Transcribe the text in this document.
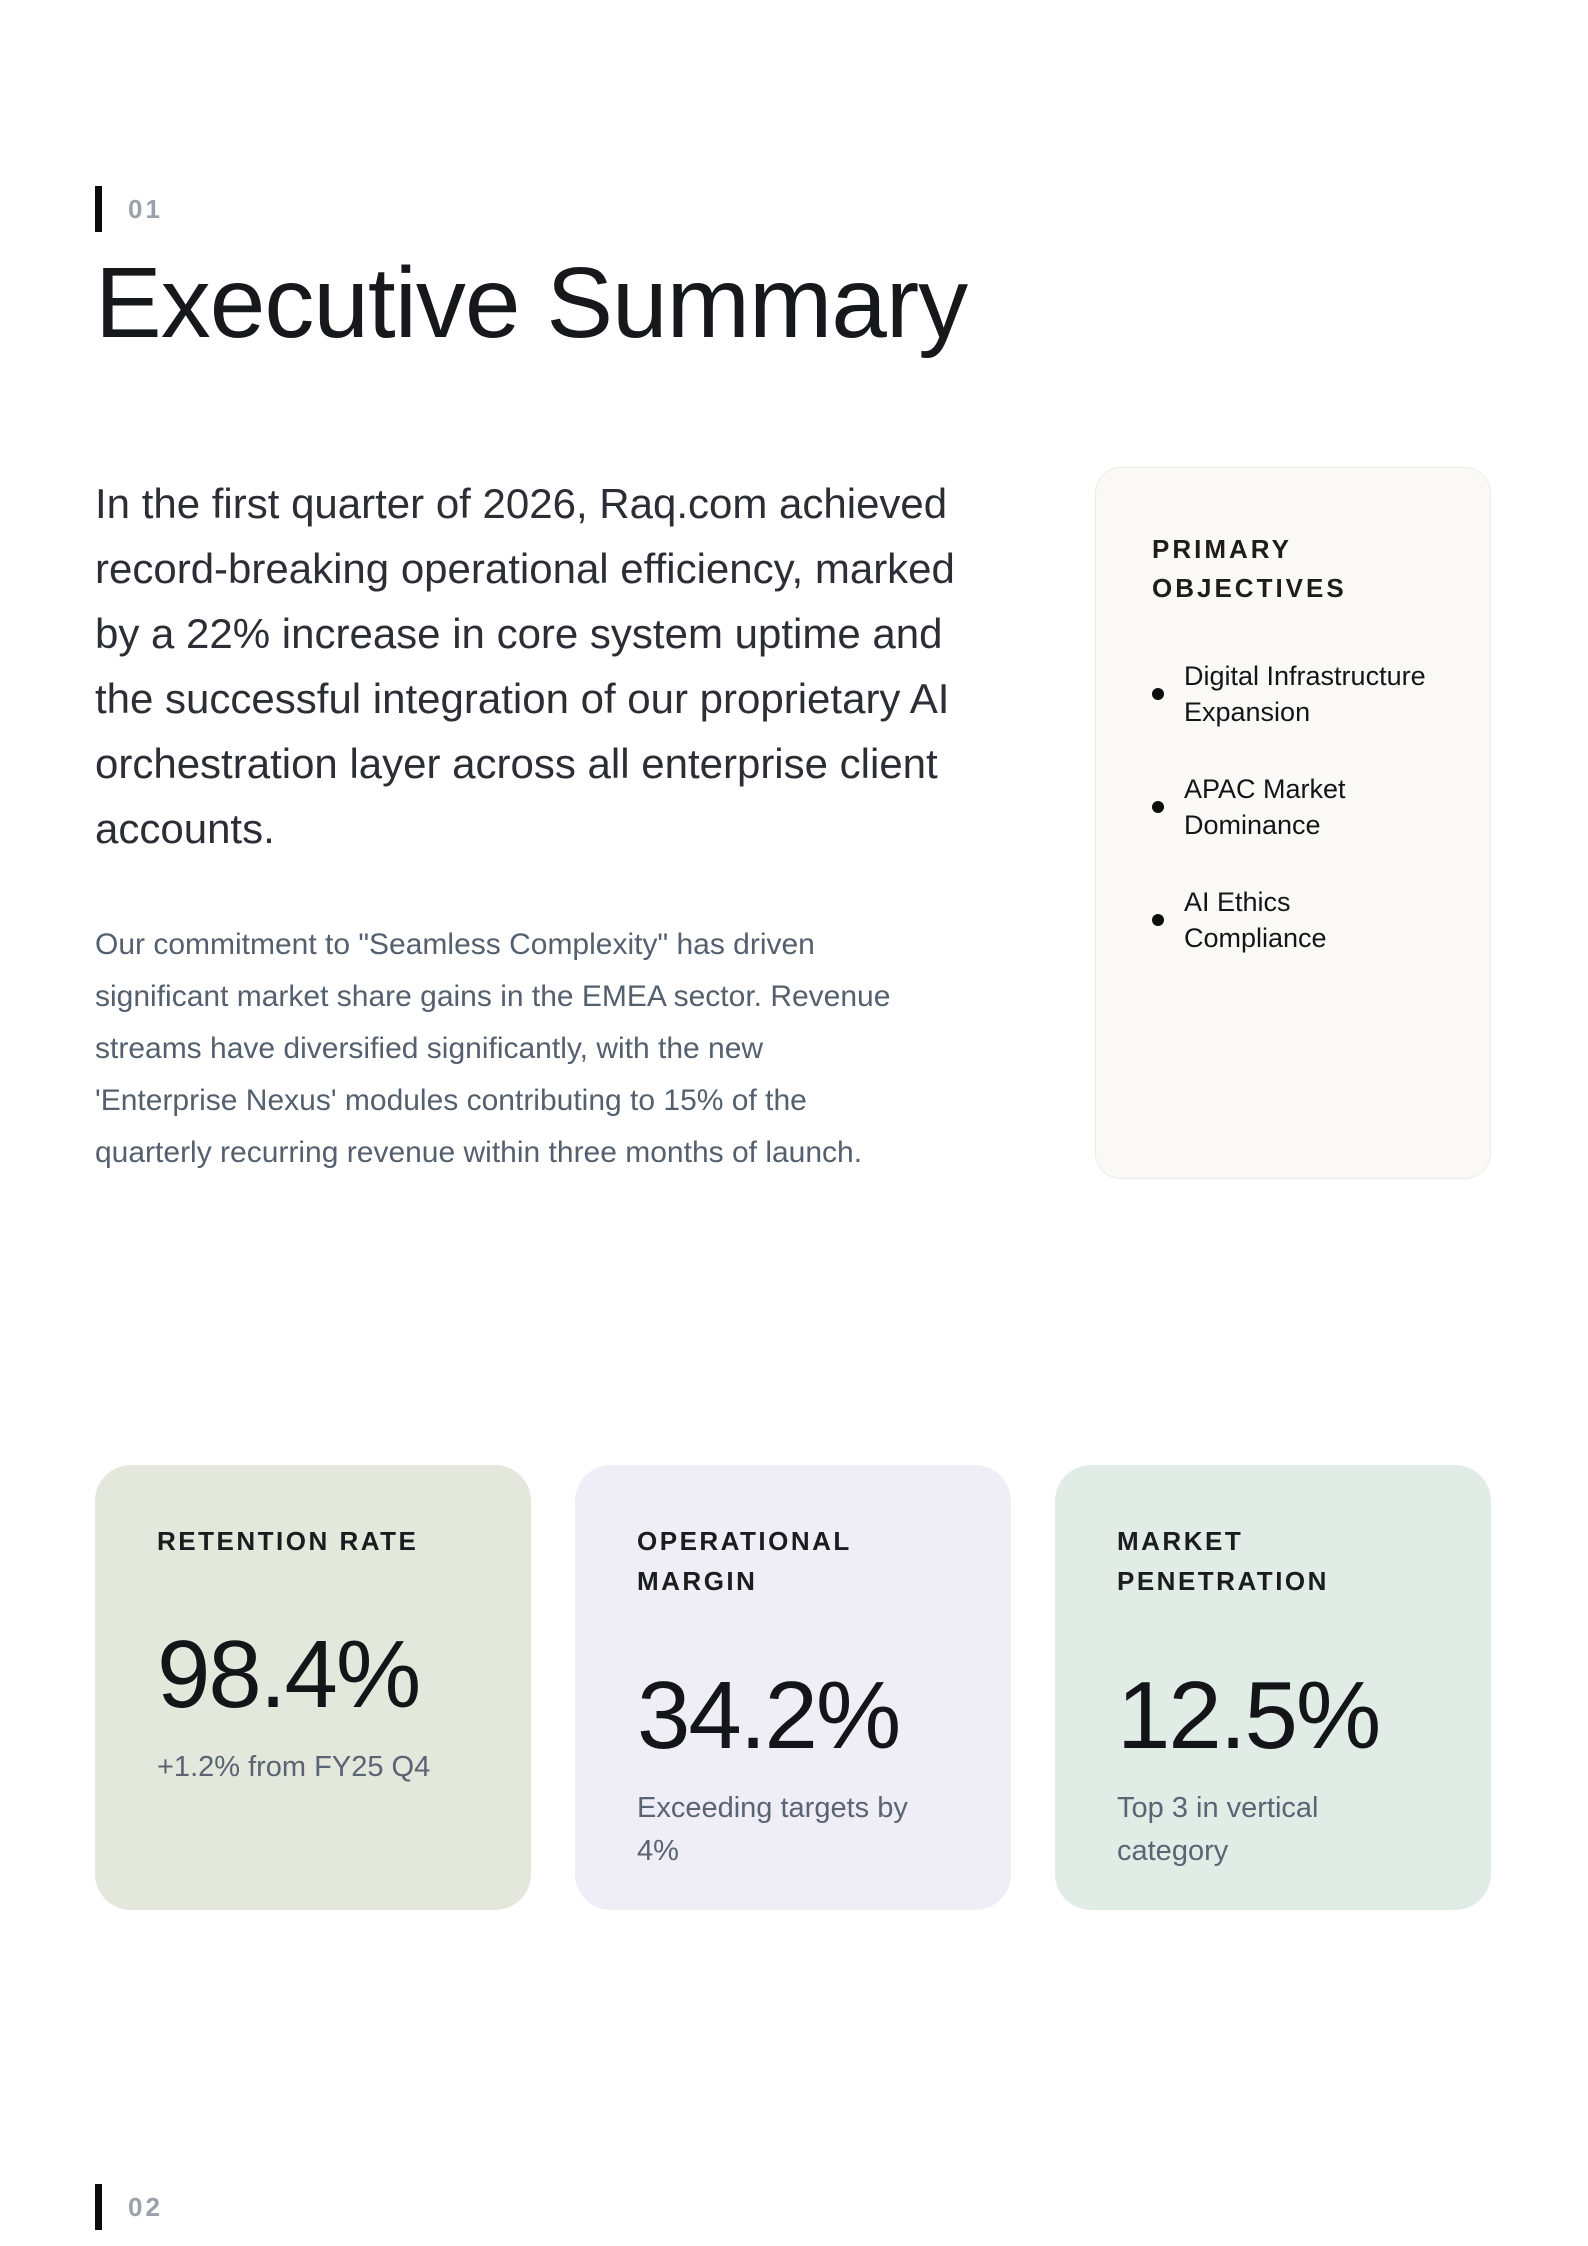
01
Executive Summary

In the first quarter of 2026, Raq.com achieved record-breaking operational efficiency, marked by a 22% increase in core system uptime and the successful integration of our proprietary AI orchestration layer across all enterprise client accounts.

Our commitment to "Seamless Complexity" has driven significant market share gains in the EMEA sector. Revenue streams have diversified significantly, with the new 'Enterprise Nexus' modules contributing to 15% of the quarterly recurring revenue within three months of launch.

PRIMARY OBJECTIVES
Digital Infrastructure Expansion
APAC Market Dominance
AI Ethics Compliance
RETENTION RATE
98.4%

+1.2% from FY25 Q4

OPERATIONAL MARGIN
34.2%

Exceeding targets by 4%

MARKET PENETRATION
12.5%

Top 3 in vertical category

02
